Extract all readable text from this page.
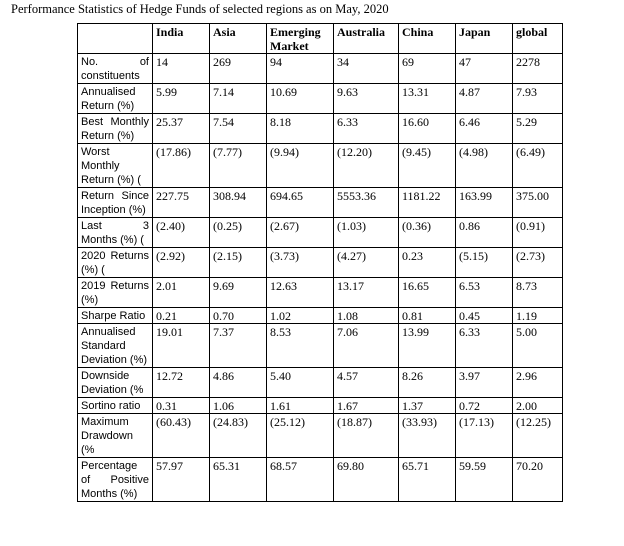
Performance Statistics of Hedge Funds of selected regions as on May, 2020
	India	Asia	Emerging Market	Australia	China	Japan	global
No. of constituents	14	269	94	34	69	47	2278
Annualised Return (%)	5.99	7.14	10.69	9.63	13.31	4.87	7.93
Best Monthly Return (%)	25.37	7.54	8.18	6.33	16.60	6.46	5.29
Worst Monthly Return (%) (	(17.86)	(7.77)	(9.94)	(12.20)	(9.45)	(4.98)	(6.49)
Return Since Inception (%)	227.75	308.94	694.65	5553.36	1181.22	163.99	375.00
Last 3 Months (%) (	(2.40)	(0.25)	(2.67)	(1.03)	(0.36)	0.86	(0.91)
2020 Returns (%) (	(2.92)	(2.15)	(3.73)	(4.27)	0.23	(5.15)	(2.73)
2019 Returns (%)	2.01	9.69	12.63	13.17	16.65	6.53	8.73
Sharpe Ratio	0.21	0.70	1.02	1.08	0.81	0.45	1.19
Annualised Standard Deviation (%)	19.01	7.37	8.53	7.06	13.99	6.33	5.00
Downside Deviation (%	12.72	4.86	5.40	4.57	8.26	3.97	2.96
Sortino ratio	0.31	1.06	1.61	1.67	1.37	0.72	2.00
Maximum Drawdown (%	(60.43)	(24.83)	(25.12)	(18.87)	(33.93)	(17.13)	(12.25)
Percentage of Positive Months (%)	57.97	65.31	68.57	69.80	65.71	59.59	70.20
